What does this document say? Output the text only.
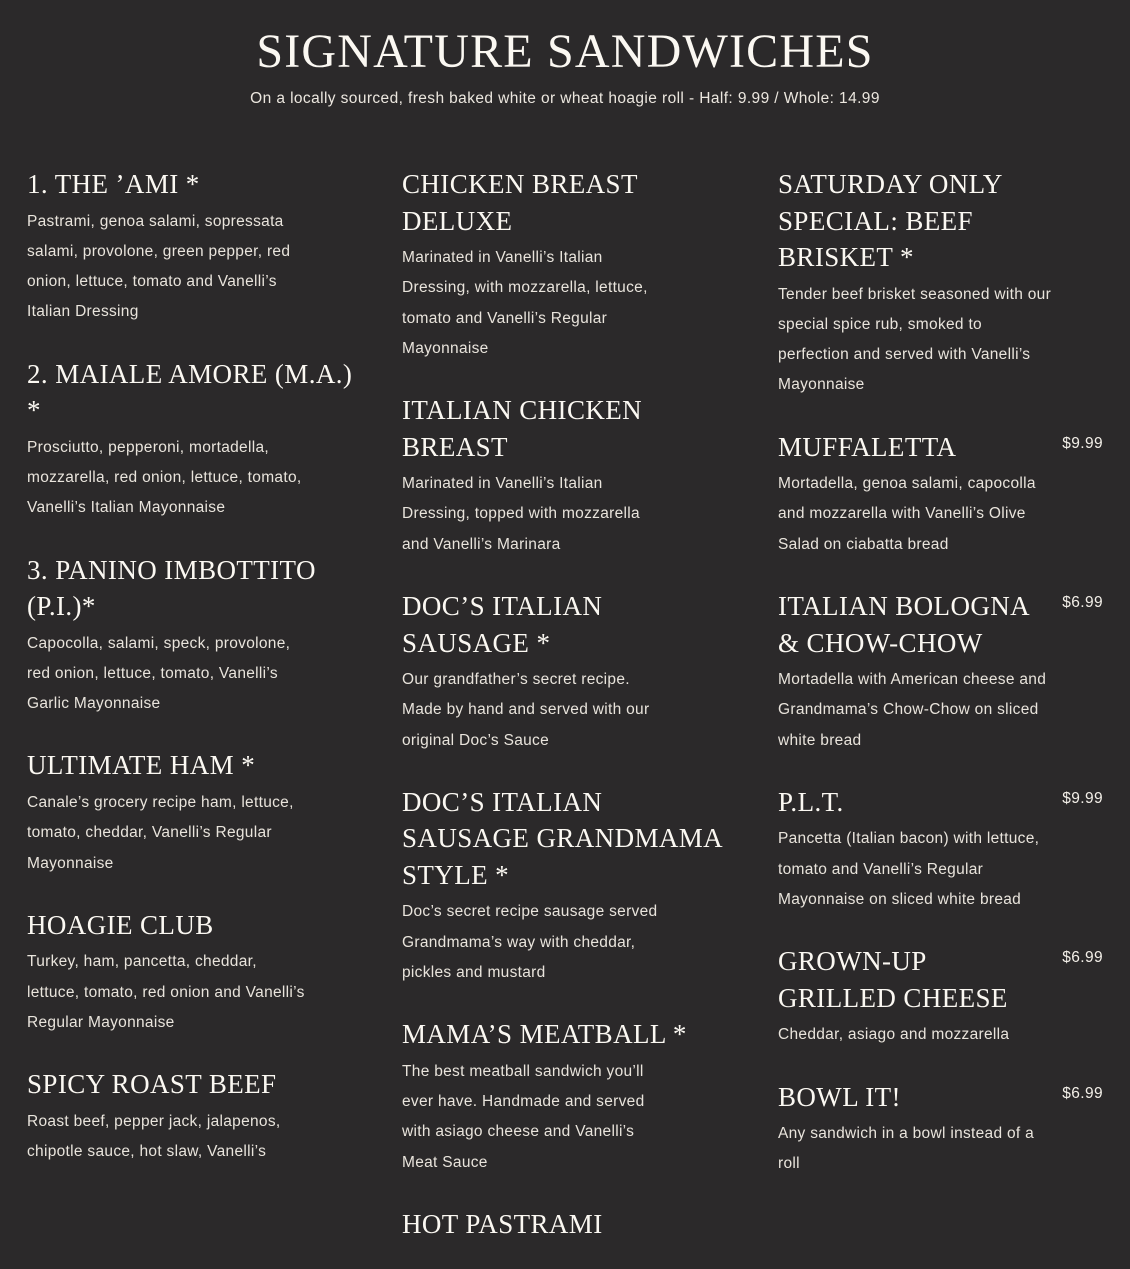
SIGNATURE SANDWICHES

On a locally sourced, fresh baked white or wheat hoagie roll - Half: 9.99 / Whole: 14.99

1. THE ’AMI *

Pastrami, genoa salami, sopressata salami, provolone, green pepper, red onion, lettuce, tomato and Vanelli’s Italian Dressing

2. MAIALE AMORE (M.A.) *

Prosciutto, pepperoni, mortadella, mozzarella, red onion, lettuce, tomato, Vanelli’s Italian Mayonnaise

3. PANINO IMBOTTITO (P.I.)*

Capocolla, salami, speck, provolone, red onion, lettuce, tomato, Vanelli’s Garlic Mayonnaise

ULTIMATE HAM *

Canale’s grocery recipe ham, lettuce, tomato, cheddar, Vanelli’s Regular Mayonnaise

HOAGIE CLUB

Turkey, ham, pancetta, cheddar, lettuce, tomato, red onion and Vanelli’s Regular Mayonnaise

SPICY ROAST BEEF

Roast beef, pepper jack, jalapenos, chipotle sauce, hot slaw, Vanelli’s

CHICKEN BREAST DELUXE

Marinated in Vanelli’s Italian Dressing, with mozzarella, lettuce, tomato and Vanelli’s Regular Mayonnaise

ITALIAN CHICKEN BREAST

Marinated in Vanelli’s Italian Dressing, topped with mozzarella and Vanelli’s Marinara

DOC’S ITALIAN SAUSAGE *

Our grandfather’s secret recipe. Made by hand and served with our original Doc’s Sauce

DOC’S ITALIAN SAUSAGE GRANDMAMA STYLE *

Doc’s secret recipe sausage served Grandmama’s way with cheddar, pickles and mustard

MAMA’S MEATBALL *

The best meatball sandwich you’ll ever have. Handmade and served with asiago cheese and Vanelli’s Meat Sauce

HOT PASTRAMI

SATURDAY ONLY SPECIAL: BEEF BRISKET *

Tender beef brisket seasoned with our special spice rub, smoked to perfection and served with Vanelli’s Mayonnaise

MUFFALETTA	$9.99

Mortadella, genoa salami, capocolla and mozzarella with Vanelli’s Olive Salad on ciabatta bread

ITALIAN BOLOGNA & CHOW-CHOW
$6.99

Mortadella with American cheese and Grandmama’s Chow-Chow on sliced white bread

P.L.T.	$9.99

Pancetta (Italian bacon) with lettuce, tomato and Vanelli’s Regular Mayonnaise on sliced white bread

GROWN-UP GRILLED CHEESE
$6.99

Cheddar, asiago and mozzarella

BOWL IT!	$6.99

Any sandwich in a bowl instead of a roll
